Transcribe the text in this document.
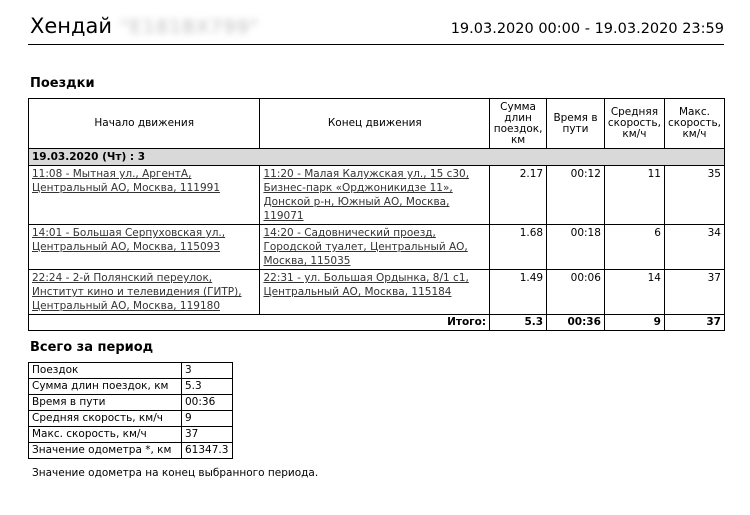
Хендай "Е181ВХ799"	19.03.2020 00:00 - 19.03.2020 23:59
Поездки
Начало движения	Конец движения	Сумма длин поездок, км	Время в пути	Средняя скорость, км/ч	Макс. скорость, км/ч
19.03.2020 (Чт) : 3					
11:08 - Мытная ул., АргентА, Центральный АО, Москва, 111991	11:20 - Малая Калужская ул., 15 с30, Бизнес-парк «Орджоникидзе 11», Донской р-н, Южный АО, Москва, 119071	2.17	00:12	11	35
14:01 - Большая Серпуховская ул., Центральный АО, Москва, 115093	14:20 - Садовнический проезд, Городской туалет, Центральный АО, Москва, 115035	1.68	00:18	6	34
22:24 - 2-й Полянский переулок, Институт кино и телевидения (ГИТР), Центральный АО, Москва, 119180	22:31 - ул. Большая Ордынка, 8/1 с1, Центральный АО, Москва, 115184	1.49	00:06	14	37
Итого:		5.3	00:36	9	37
Всего за период
Поездок	3
Сумма длин поездок, км	5.3
Время в пути	00:36
Средняя скорость, км/ч	9
Макс. скорость, км/ч	37
Значение одометра *, км	61347.3
Значение одометра на конец выбранного периода.
